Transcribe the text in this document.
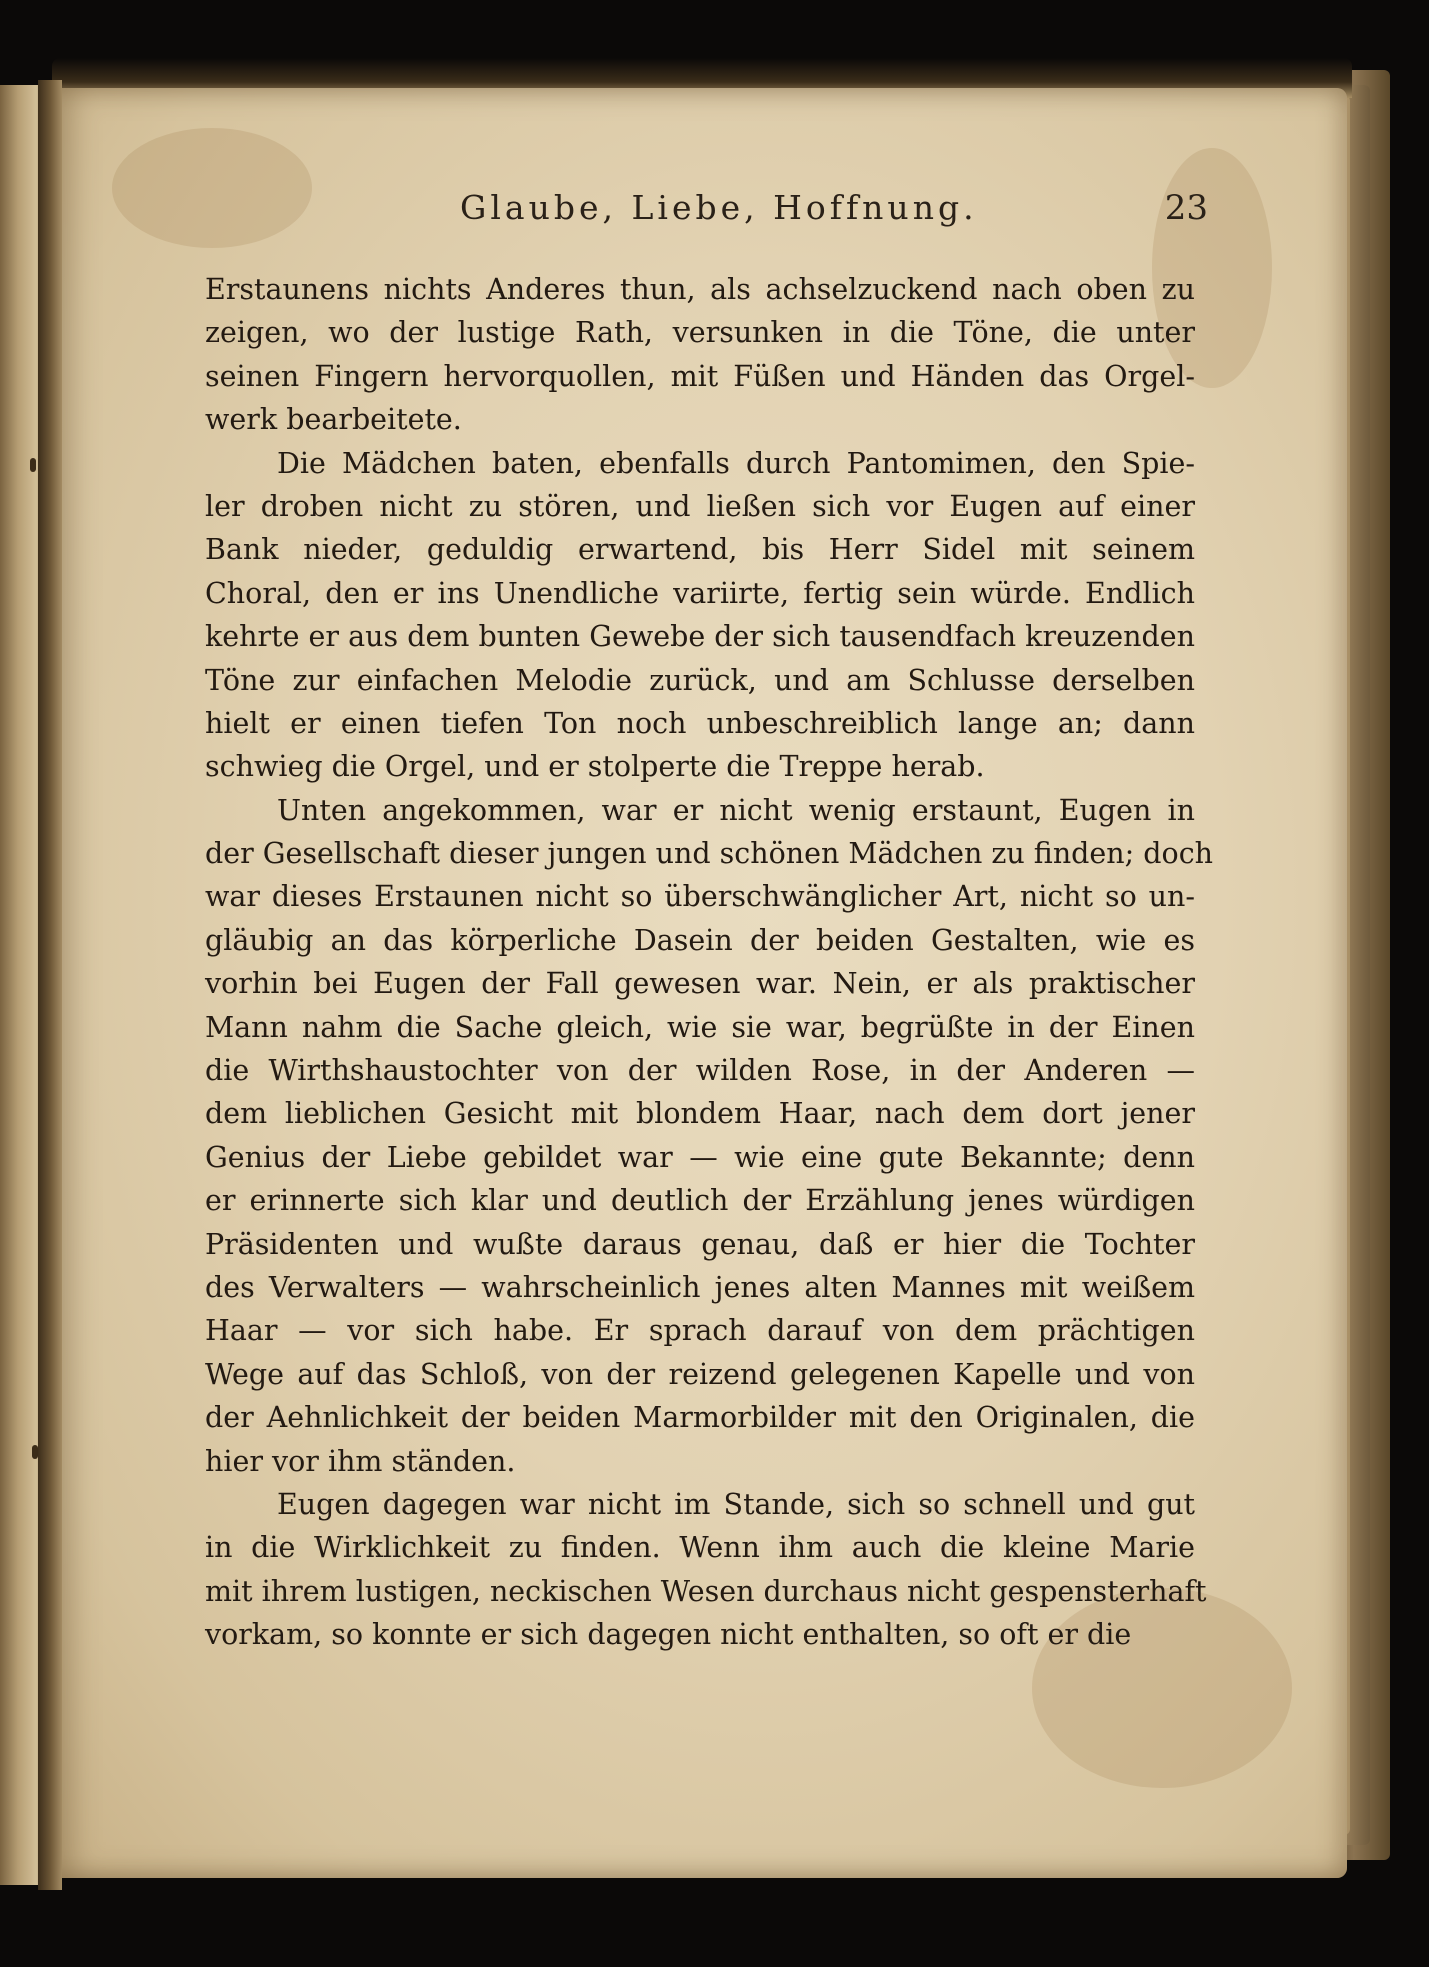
Glaube, Liebe, Hoffnung.	23
Erstaunens nichts Anderes thun, als achselzuckend nach oben zu
zeigen, wo der lustige Rath, versunken in die Töne, die unter
seinen Fingern hervorquollen, mit Füßen und Händen das Orgel-
werk bearbeitete.
Die Mädchen baten, ebenfalls durch Pantomimen, den Spie-
ler droben nicht zu stören, und ließen sich vor Eugen auf einer
Bank nieder, geduldig erwartend, bis Herr Sidel mit seinem
Choral, den er ins Unendliche variirte, fertig sein würde. Endlich
kehrte er aus dem bunten Gewebe der sich tausendfach kreuzenden
Töne zur einfachen Melodie zurück, und am Schlusse derselben
hielt er einen tiefen Ton noch unbeschreiblich lange an; dann
schwieg die Orgel, und er stolperte die Treppe herab.
Unten angekommen, war er nicht wenig erstaunt, Eugen in
der Gesellschaft dieser jungen und schönen Mädchen zu finden; doch
war dieses Erstaunen nicht so überschwänglicher Art, nicht so un-
gläubig an das körperliche Dasein der beiden Gestalten, wie es
vorhin bei Eugen der Fall gewesen war. Nein, er als praktischer
Mann nahm die Sache gleich, wie sie war, begrüßte in der Einen
die Wirthshaustochter von der wilden Rose, in der Anderen —
dem lieblichen Gesicht mit blondem Haar, nach dem dort jener
Genius der Liebe gebildet war — wie eine gute Bekannte; denn
er erinnerte sich klar und deutlich der Erzählung jenes würdigen
Präsidenten und wußte daraus genau, daß er hier die Tochter
des Verwalters — wahrscheinlich jenes alten Mannes mit weißem
Haar — vor sich habe. Er sprach darauf von dem prächtigen
Wege auf das Schloß, von der reizend gelegenen Kapelle und von
der Aehnlichkeit der beiden Marmorbilder mit den Originalen, die
hier vor ihm ständen.
Eugen dagegen war nicht im Stande, sich so schnell und gut
in die Wirklichkeit zu finden. Wenn ihm auch die kleine Marie
mit ihrem lustigen, neckischen Wesen durchaus nicht gespensterhaft
vorkam, so konnte er sich dagegen nicht enthalten, so oft er die
